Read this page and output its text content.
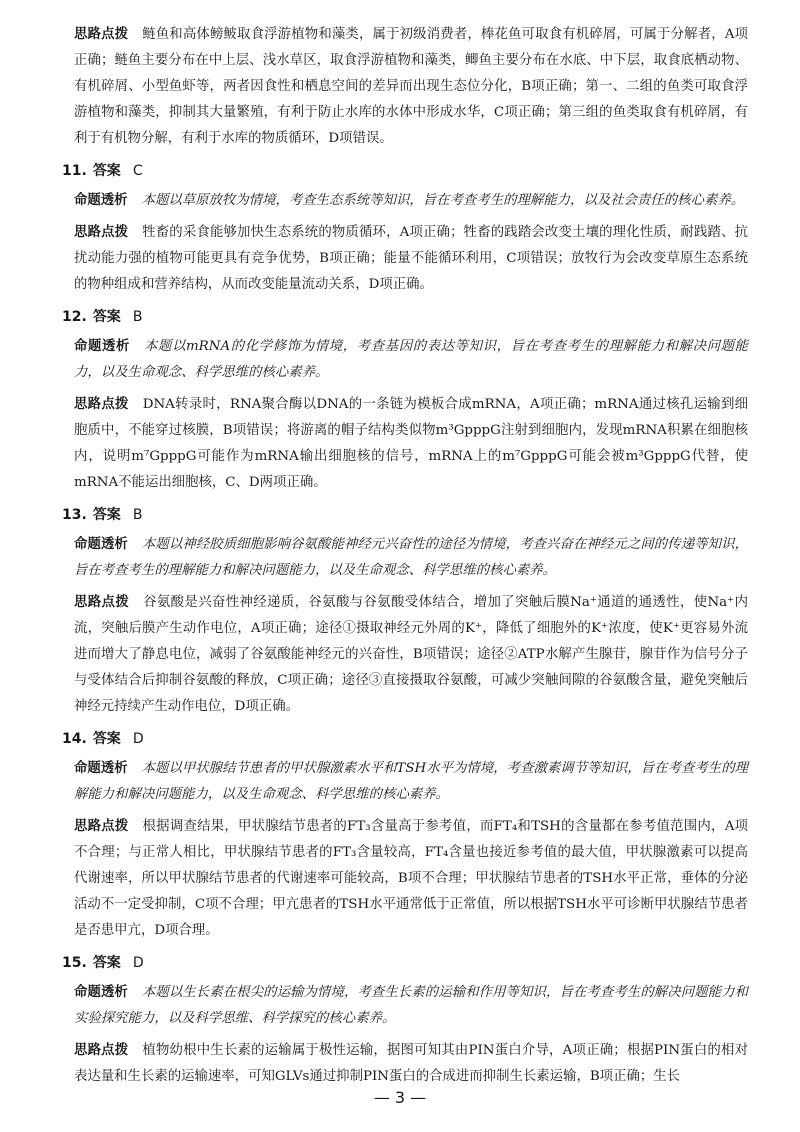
思路点拨 鲢鱼和高体鳑鲏取食浮游植物和藻类，属于初级消费者，棒花鱼可取食有机碎屑，可属于分解者，A项正确；鲢鱼主要分布在中上层、浅水草区，取食浮游植物和藻类，鲫鱼主要分布在水底、中下层，取食底栖动物、有机碎屑、小型鱼虾等，两者因食性和栖息空间的差异而出现生态位分化，B项正确；第一、二组的鱼类可取食浮游植物和藻类，抑制其大量繁殖，有利于防止水库的水体中形成水华，C项正确；第三组的鱼类取食有机碎屑，有利于有机物分解，有利于水库的物质循环，D项错误。

11. 答案 C

命题透析 本题以草原放牧为情境，考查生态系统等知识，旨在考查考生的理解能力，以及社会责任的核心素养。

思路点拨 牲畜的采食能够加快生态系统的物质循环，A项正确；牲畜的践踏会改变土壤的理化性质，耐践踏、抗扰动能力强的植物可能更具有竞争优势，B项正确；能量不能循环利用，C项错误；放牧行为会改变草原生态系统的物种组成和营养结构，从而改变能量流动关系，D项正确。

12. 答案 B

命题透析 本题以mRNA的化学修饰为情境，考查基因的表达等知识，旨在考查考生的理解能力和解决问题能力，以及生命观念、科学思维的核心素养。

思路点拨 DNA转录时，RNA聚合酶以DNA的一条链为模板合成mRNA，A项正确；mRNA通过核孔运输到细胞质中，不能穿过核膜，B项错误；将游离的帽子结构类似物m³GpppG注射到细胞内，发现mRNA积累在细胞核内，说明m⁷GpppG可能作为mRNA输出细胞核的信号，mRNA上的m⁷GpppG可能会被m³GpppG代替，使mRNA不能运出细胞核，C、D两项正确。

13. 答案 B

命题透析 本题以神经胶质细胞影响谷氨酸能神经元兴奋性的途径为情境，考查兴奋在神经元之间的传递等知识，旨在考查考生的理解能力和解决问题能力，以及生命观念、科学思维的核心素养。

思路点拨 谷氨酸是兴奋性神经递质，谷氨酸与谷氨酸受体结合，增加了突触后膜Na⁺通道的通透性，使Na⁺内流，突触后膜产生动作电位，A项正确；途径①摄取神经元外周的K⁺，降低了细胞外的K⁺浓度，使K⁺更容易外流进而增大了静息电位，减弱了谷氨酸能神经元的兴奋性，B项错误；途径②ATP水解产生腺苷，腺苷作为信号分子与受体结合后抑制谷氨酸的释放，C项正确；途径③直接摄取谷氨酸，可减少突触间隙的谷氨酸含量，避免突触后神经元持续产生动作电位，D项正确。

14. 答案 D

命题透析 本题以甲状腺结节患者的甲状腺激素水平和TSH水平为情境，考查激素调节等知识，旨在考查考生的理解能力和解决问题能力，以及生命观念、科学思维的核心素养。

思路点拨 根据调查结果，甲状腺结节患者的FT₃含量高于参考值，而FT₄和TSH的含量都在参考值范围内，A项不合理；与正常人相比，甲状腺结节患者的FT₃含量较高，FT₄含量也接近参考值的最大值，甲状腺激素可以提高代谢速率，所以甲状腺结节患者的代谢速率可能较高，B项不合理；甲状腺结节患者的TSH水平正常，垂体的分泌活动不一定受抑制，C项不合理；甲亢患者的TSH水平通常低于正常值，所以根据TSH水平可诊断甲状腺结节患者是否患甲亢，D项合理。

15. 答案 D

命题透析 本题以生长素在根尖的运输为情境，考查生长素的运输和作用等知识，旨在考查考生的解决问题能力和实验探究能力，以及科学思维、科学探究的核心素养。

思路点拨 植物幼根中生长素的运输属于极性运输，据图可知其由PIN蛋白介导，A项正确；根据PIN蛋白的相对表达量和生长素的运输速率，可知GLVs通过抑制PIN蛋白的合成进而抑制生长素运输，B项正确；生长

— 3 —
